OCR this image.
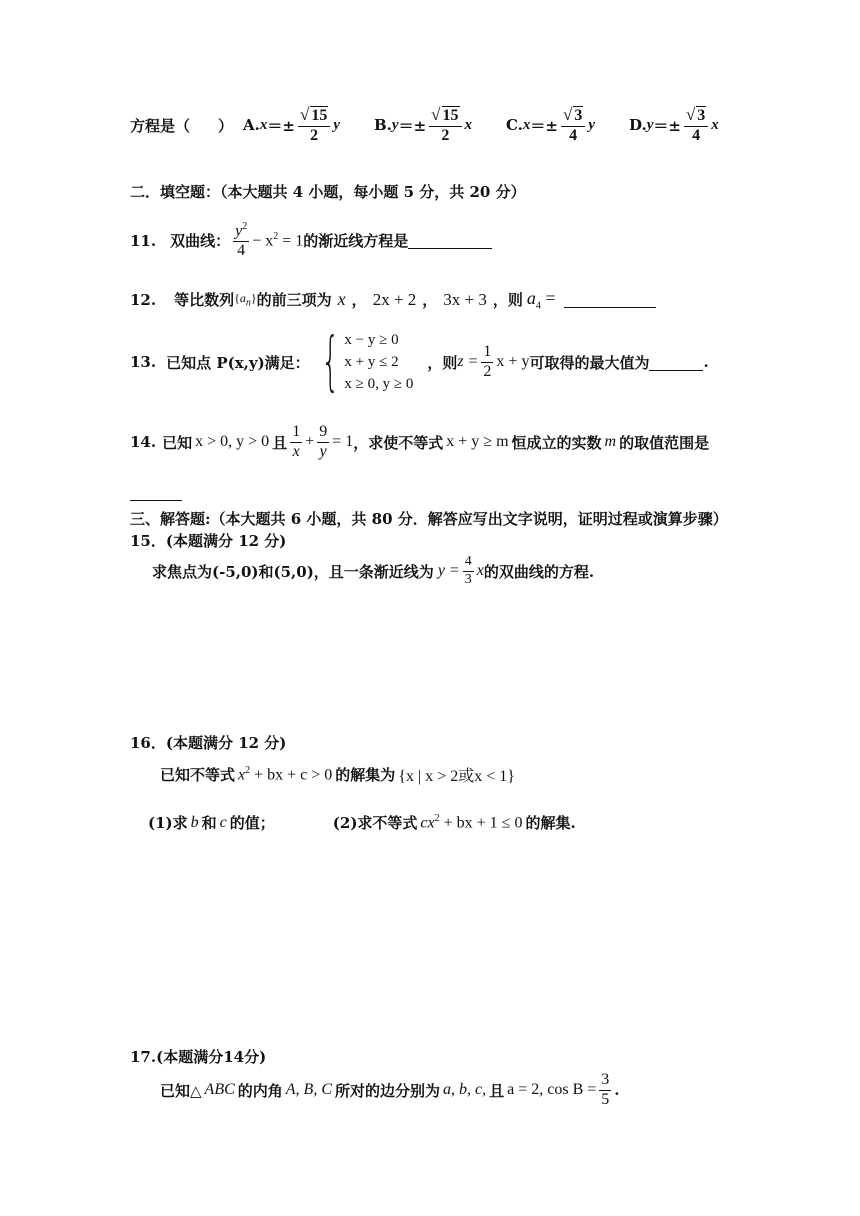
方程是（ ） A. $x =\pm \frac{√ 15}{2}$ y B. $y =\pm \frac{√ 15}{2}$ x C. $x =\pm \frac{√ 3}{4}$ y D. $y =\pm \frac{√ 3}{4}$ x
二．填空题：（本大题共 4 小题，每小题 5 分，共 20 分）
11. 双曲线： $\frac{y^2}{4} - x^2 = 1$ 的渐近线方程是
12. 等比数列 $\{a_n\}$ 的前三项为 x ， 2x + 2 ， 3x + 3 ，则 $a_4$ =
13. 已知点 P(x,y)满足： { x − y ≥ 0
x + y ≤ 2
x ≥ 0, y ≥ 0
，则 $z = \frac{1}{2}$ x + y 可取得的最大值为	.
14. 已知 x > 0, y > 0 且 $\frac{1}{x} + \frac{9}{y} = 1$ ，求使不等式 x + y ≥ m 恒成立的实数 m 的取值范围是
三、解答题:（本大题共 6 小题，共 80 分．解答应写出文字说明，证明过程或演算步骤）
15．(本题满分 12 分)
求焦点为(-5,0)和(5,0)，且一条渐近线为 $y = \frac{4}{3}$ x 的双曲线的方程.
16．(本题满分 12 分)
已知不等式 $x^2$ + bx + c > 0 的解集为 {x | x > 2或x < 1}
(1)求 b 和 c 的值；	(2)求不等式 $cx^2$ + bx + 1 ≤ 0 的解集.
17.(本题满分14分)
已知△ ABC 的内角 A, B, C 所对的边分别为 a, b, c, 且 a = 2, $\cos B = \frac{3}{5}$ .
